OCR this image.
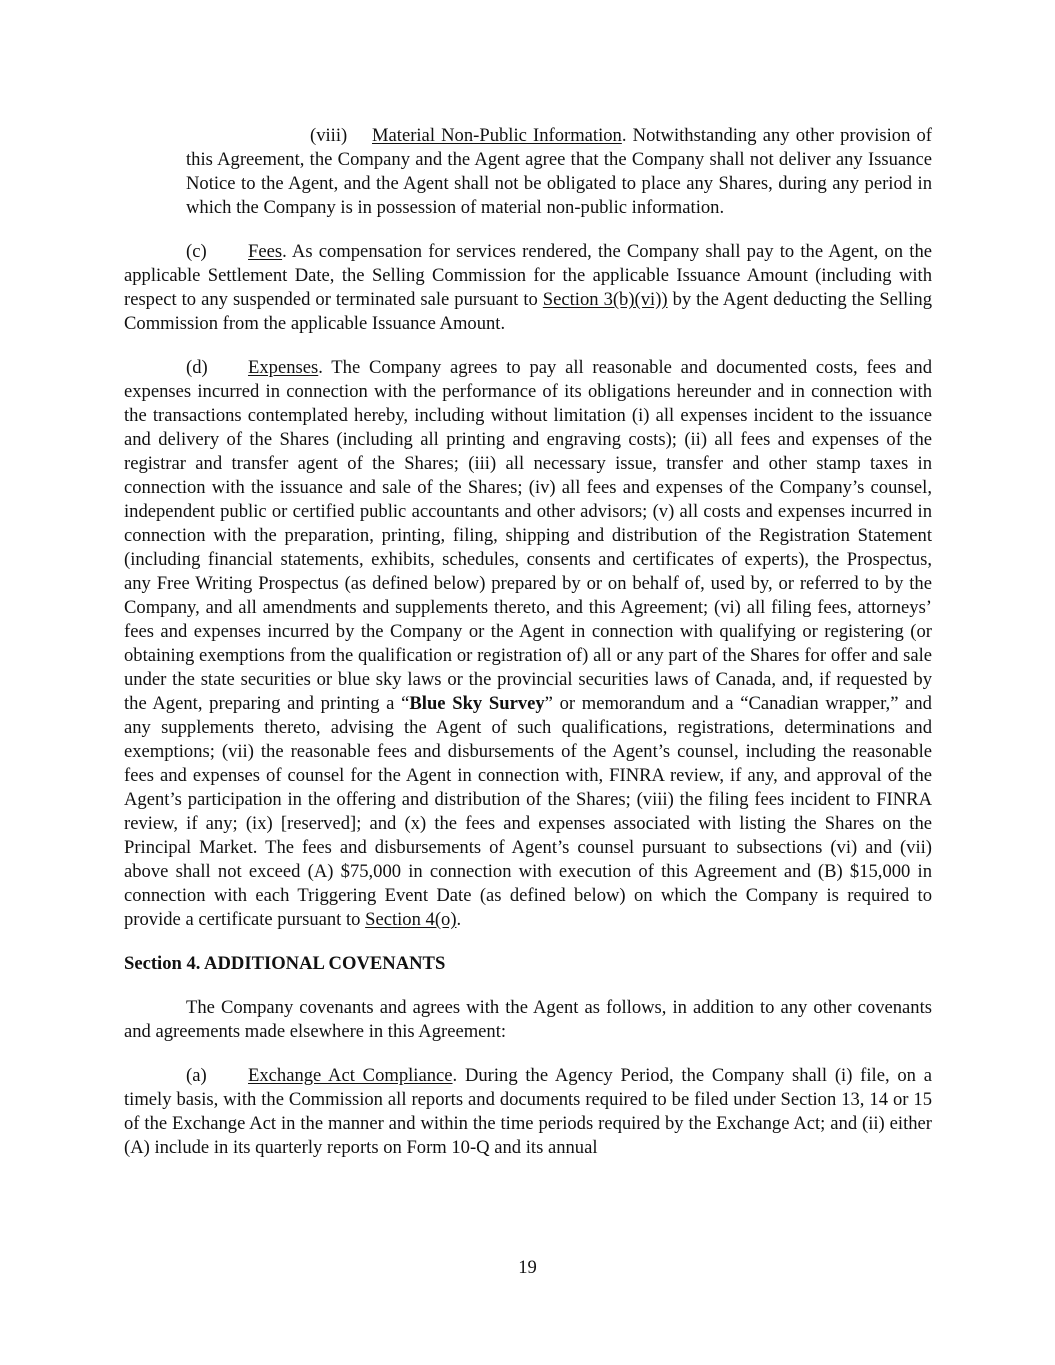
(viii) Material Non-Public Information. Notwithstanding any other provision of this Agreement, the Company and the Agent agree that the Company shall not deliver any Issuance Notice to the Agent, and the Agent shall not be obligated to place any Shares, during any period in which the Company is in possession of material non-public information.

(c) Fees. As compensation for services rendered, the Company shall pay to the Agent, on the applicable Settlement Date, the Selling Commission for the applicable Issuance Amount (including with respect to any suspended or terminated sale pursuant to Section 3(b)(vi)) by the Agent deducting the Selling Commission from the applicable Issuance Amount.

(d) Expenses. The Company agrees to pay all reasonable and documented costs, fees and expenses incurred in connection with the performance of its obligations hereunder and in connection with the transactions contemplated hereby, including without limitation (i) all expenses incident to the issuance and delivery of the Shares (including all printing and engraving costs); (ii) all fees and expenses of the registrar and transfer agent of the Shares; (iii) all necessary issue, transfer and other stamp taxes in connection with the issuance and sale of the Shares; (iv) all fees and expenses of the Company’s counsel, independent public or certified public accountants and other advisors; (v) all costs and expenses incurred in connection with the preparation, printing, filing, shipping and distribution of the Registration Statement (including financial statements, exhibits, schedules, consents and certificates of experts), the Prospectus, any Free Writing Prospectus (as defined below) prepared by or on behalf of, used by, or referred to by the Company, and all amendments and supplements thereto, and this Agreement; (vi) all filing fees, attorneys’ fees and expenses incurred by the Company or the Agent in connection with qualifying or registering (or obtaining exemptions from the qualification or registration of) all or any part of the Shares for offer and sale under the state securities or blue sky laws or the provincial securities laws of Canada, and, if requested by the Agent, preparing and printing a “Blue Sky Survey” or memorandum and a “Canadian wrapper,” and any supplements thereto, advising the Agent of such qualifications, registrations, determinations and exemptions; (vii) the reasonable fees and disbursements of the Agent’s counsel, including the reasonable fees and expenses of counsel for the Agent in connection with, FINRA review, if any, and approval of the Agent’s participation in the offering and distribution of the Shares; (viii) the filing fees incident to FINRA review, if any; (ix) [reserved]; and (x) the fees and expenses associated with listing the Shares on the Principal Market. The fees and disbursements of Agent’s counsel pursuant to subsections (vi) and (vii) above shall not exceed (A) $75,000 in connection with execution of this Agreement and (B) $15,000 in connection with each Triggering Event Date (as defined below) on which the Company is required to provide a certificate pursuant to Section 4(o).

Section 4. ADDITIONAL COVENANTS

The Company covenants and agrees with the Agent as follows, in addition to any other covenants and agreements made elsewhere in this Agreement:

(a) Exchange Act Compliance. During the Agency Period, the Company shall (i) file, on a timely basis, with the Commission all reports and documents required to be filed under Section 13, 14 or 15 of the Exchange Act in the manner and within the time periods required by the Exchange Act; and (ii) either (A) include in its quarterly reports on Form 10-Q and its annual

19
